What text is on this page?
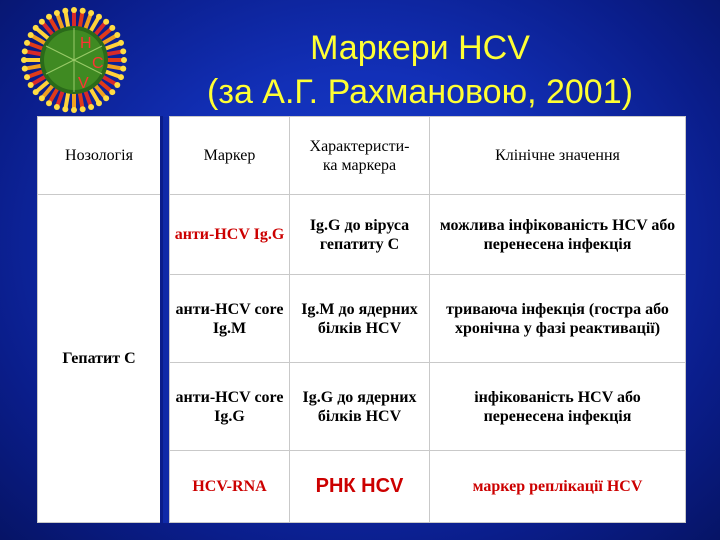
H
C
V
Маркери HCV
(за А.Г. Рахмановою, 2001)
Нозологія		Маркер	Характеристи-
ка маркера	Клінічне значення
Гепатит С		анти-HCV Ig.G	Ig.G до віруса гепатиту С	можлива інфікованість HCV або перенесена інфекція
		анти-HCV core Ig.M	Ig.M до ядерних білків HCV	триваюча інфекція (гостра або хронічна у фазі реактивації)
		анти-HCV core Ig.G	Ig.G до ядерних білків HCV	інфікованість HCV або перенесена інфекція
		HCV-RNA	РНК HCV	маркер реплікації HCV
